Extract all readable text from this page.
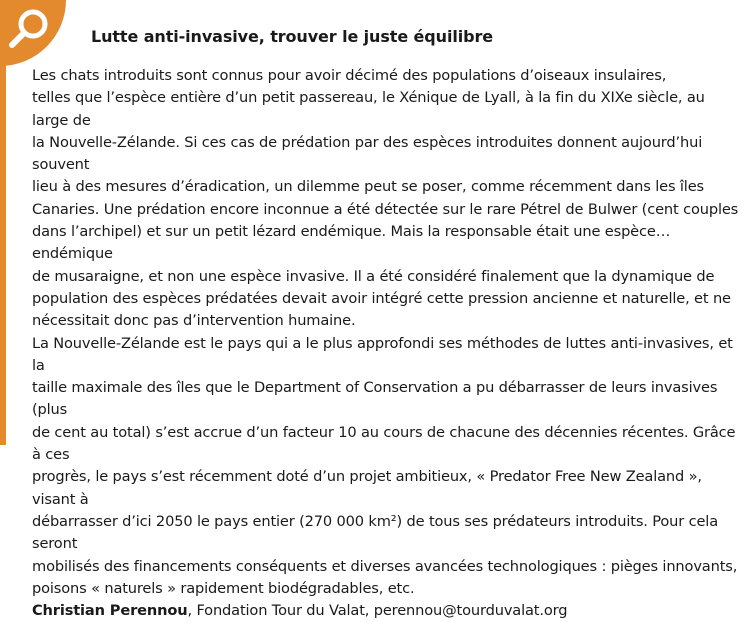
Lutte anti-invasive, trouver le juste équilibre

Les chats introduits sont connus pour avoir décimé des populations d’oiseaux insulaires,
telles que l’espèce entière d’un petit passereau, le Xénique de Lyall, à la fin du XIXe siècle, au large de
la Nouvelle-Zélande. Si ces cas de prédation par des espèces introduites donnent aujourd’hui souvent
lieu à des mesures d’éradication, un dilemme peut se poser, comme récemment dans les îles
Canaries. Une prédation encore inconnue a été détectée sur le rare Pétrel de Bulwer (cent couples
dans l’archipel) et sur un petit lézard endémique. Mais la responsable était une espèce… endémique
de musaraigne, et non une espèce invasive. Il a été considéré finalement que la dynamique de
population des espèces prédatées devait avoir intégré cette pression ancienne et naturelle, et ne
nécessitait donc pas d’intervention humaine.

La Nouvelle-Zélande est le pays qui a le plus approfondi ses méthodes de luttes anti-invasives, et la
taille maximale des îles que le Department of Conservation a pu débarrasser de leurs invasives (plus
de cent au total) s’est accrue d’un facteur 10 au cours de chacune des décennies récentes. Grâce à ces
progrès, le pays s’est récemment doté d’un projet ambitieux, « Predator Free New Zealand », visant à
débarrasser d’ici 2050 le pays entier (270 000 km²) de tous ses prédateurs introduits. Pour cela seront
mobilisés des financements conséquents et diverses avancées technologiques : pièges innovants,
poisons « naturels » rapidement biodégradables, etc.

Christian Perennou, Fondation Tour du Valat, perennou@tourduvalat.org
